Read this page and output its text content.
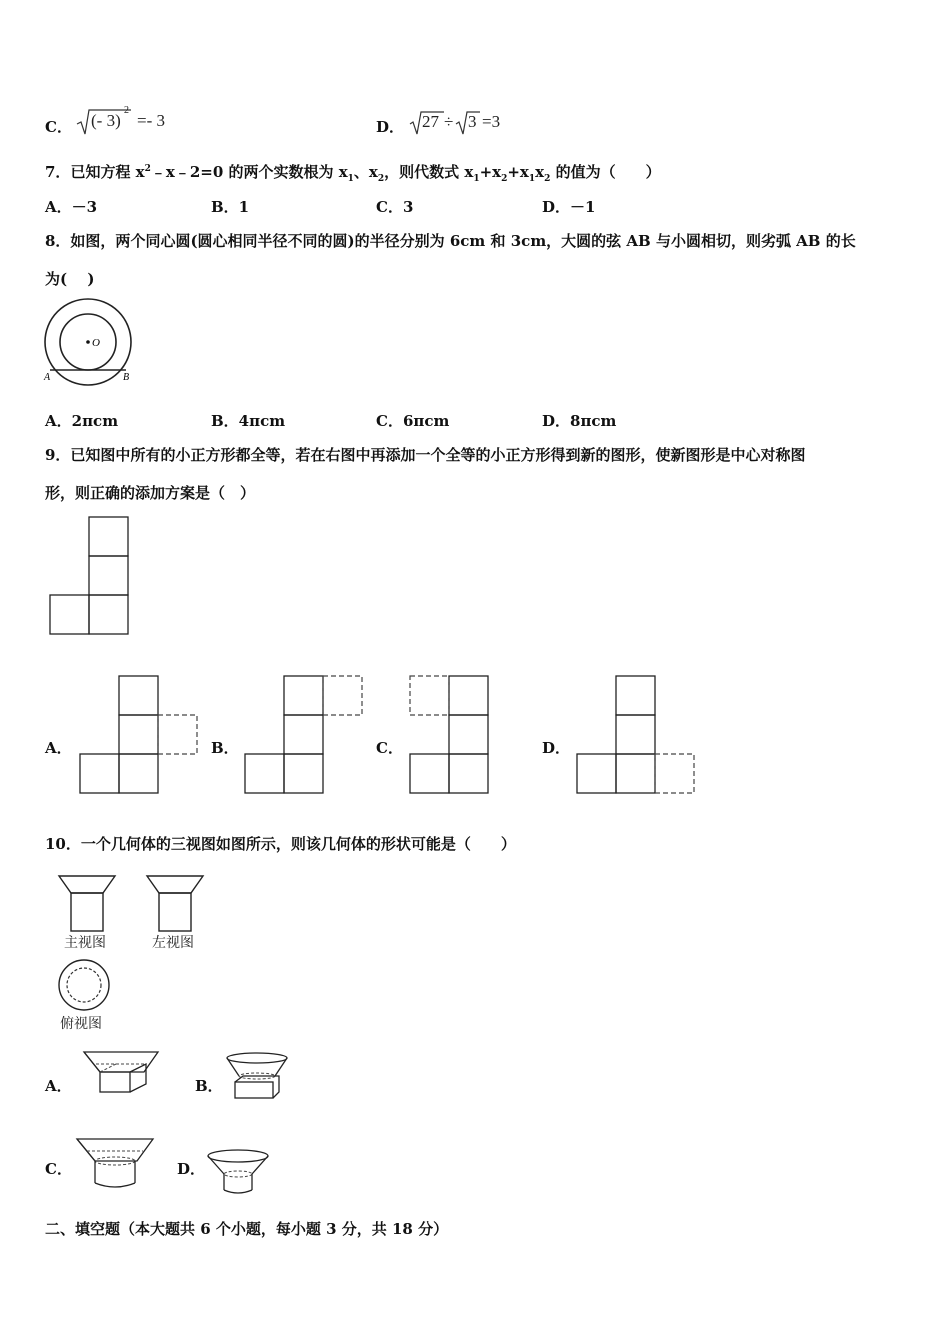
C． (- 3)
2
=- 3	D． 27 ÷ 3 =3
7．已知方程 $x^2﹣x﹣2=0$ 的两个实数根为 $x_1$、$x_2$，则代数式 $x_1+x_2+x_1x_2$ 的值为（　　）
A．－3	B．1	C．3	D．－1
8．如图，两个同心圆(圆心相同半径不同的圆)的半径分别为 6cm 和 3cm，大圆的弦 AB 与小圆相切，则劣弧 AB 的长
为(　 )
O
A	B
A．2πcm	B．4πcm	C．6πcm	D．8πcm
9．已知图中所有的小正方形都全等，若在右图中再添加一个全等的小正方形得到新的图形，使新图形是中心对称图
形，则正确的添加方案是（　）
A．	B．	C．	D．
10．一个几何体的三视图如图所示，则该几何体的形状可能是（　　）
主视图	左视图
俯视图
A．	B．
C．	D．
二、填空题（本大题共 6 个小题，每小题 3 分，共 18 分）
